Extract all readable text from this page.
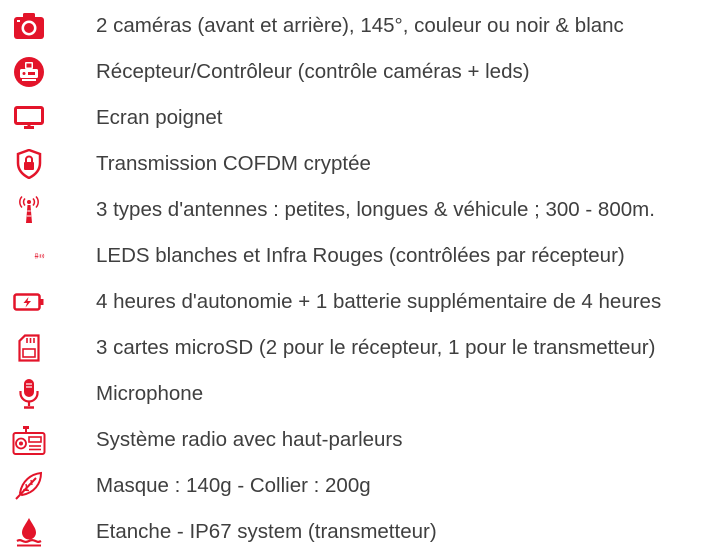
2 caméras (avant et arrière), 145°, couleur ou noir & blanc
Récepteur/Contrôleur (contrôle caméras + leds)
Ecran poignet
Transmission COFDM cryptée
3 types d'antennes : petites, longues & véhicule ; 300 - 800m.
LEDS blanches et Infra Rouges (contrôlées par récepteur)
4 heures d'autonomie + 1 batterie supplémentaire de 4 heures
3 cartes microSD (2 pour le récepteur, 1 pour le transmetteur)
Microphone
Système radio avec haut-parleurs
Masque : 140g - Collier : 200g
Etanche - IP67 system (transmetteur)
